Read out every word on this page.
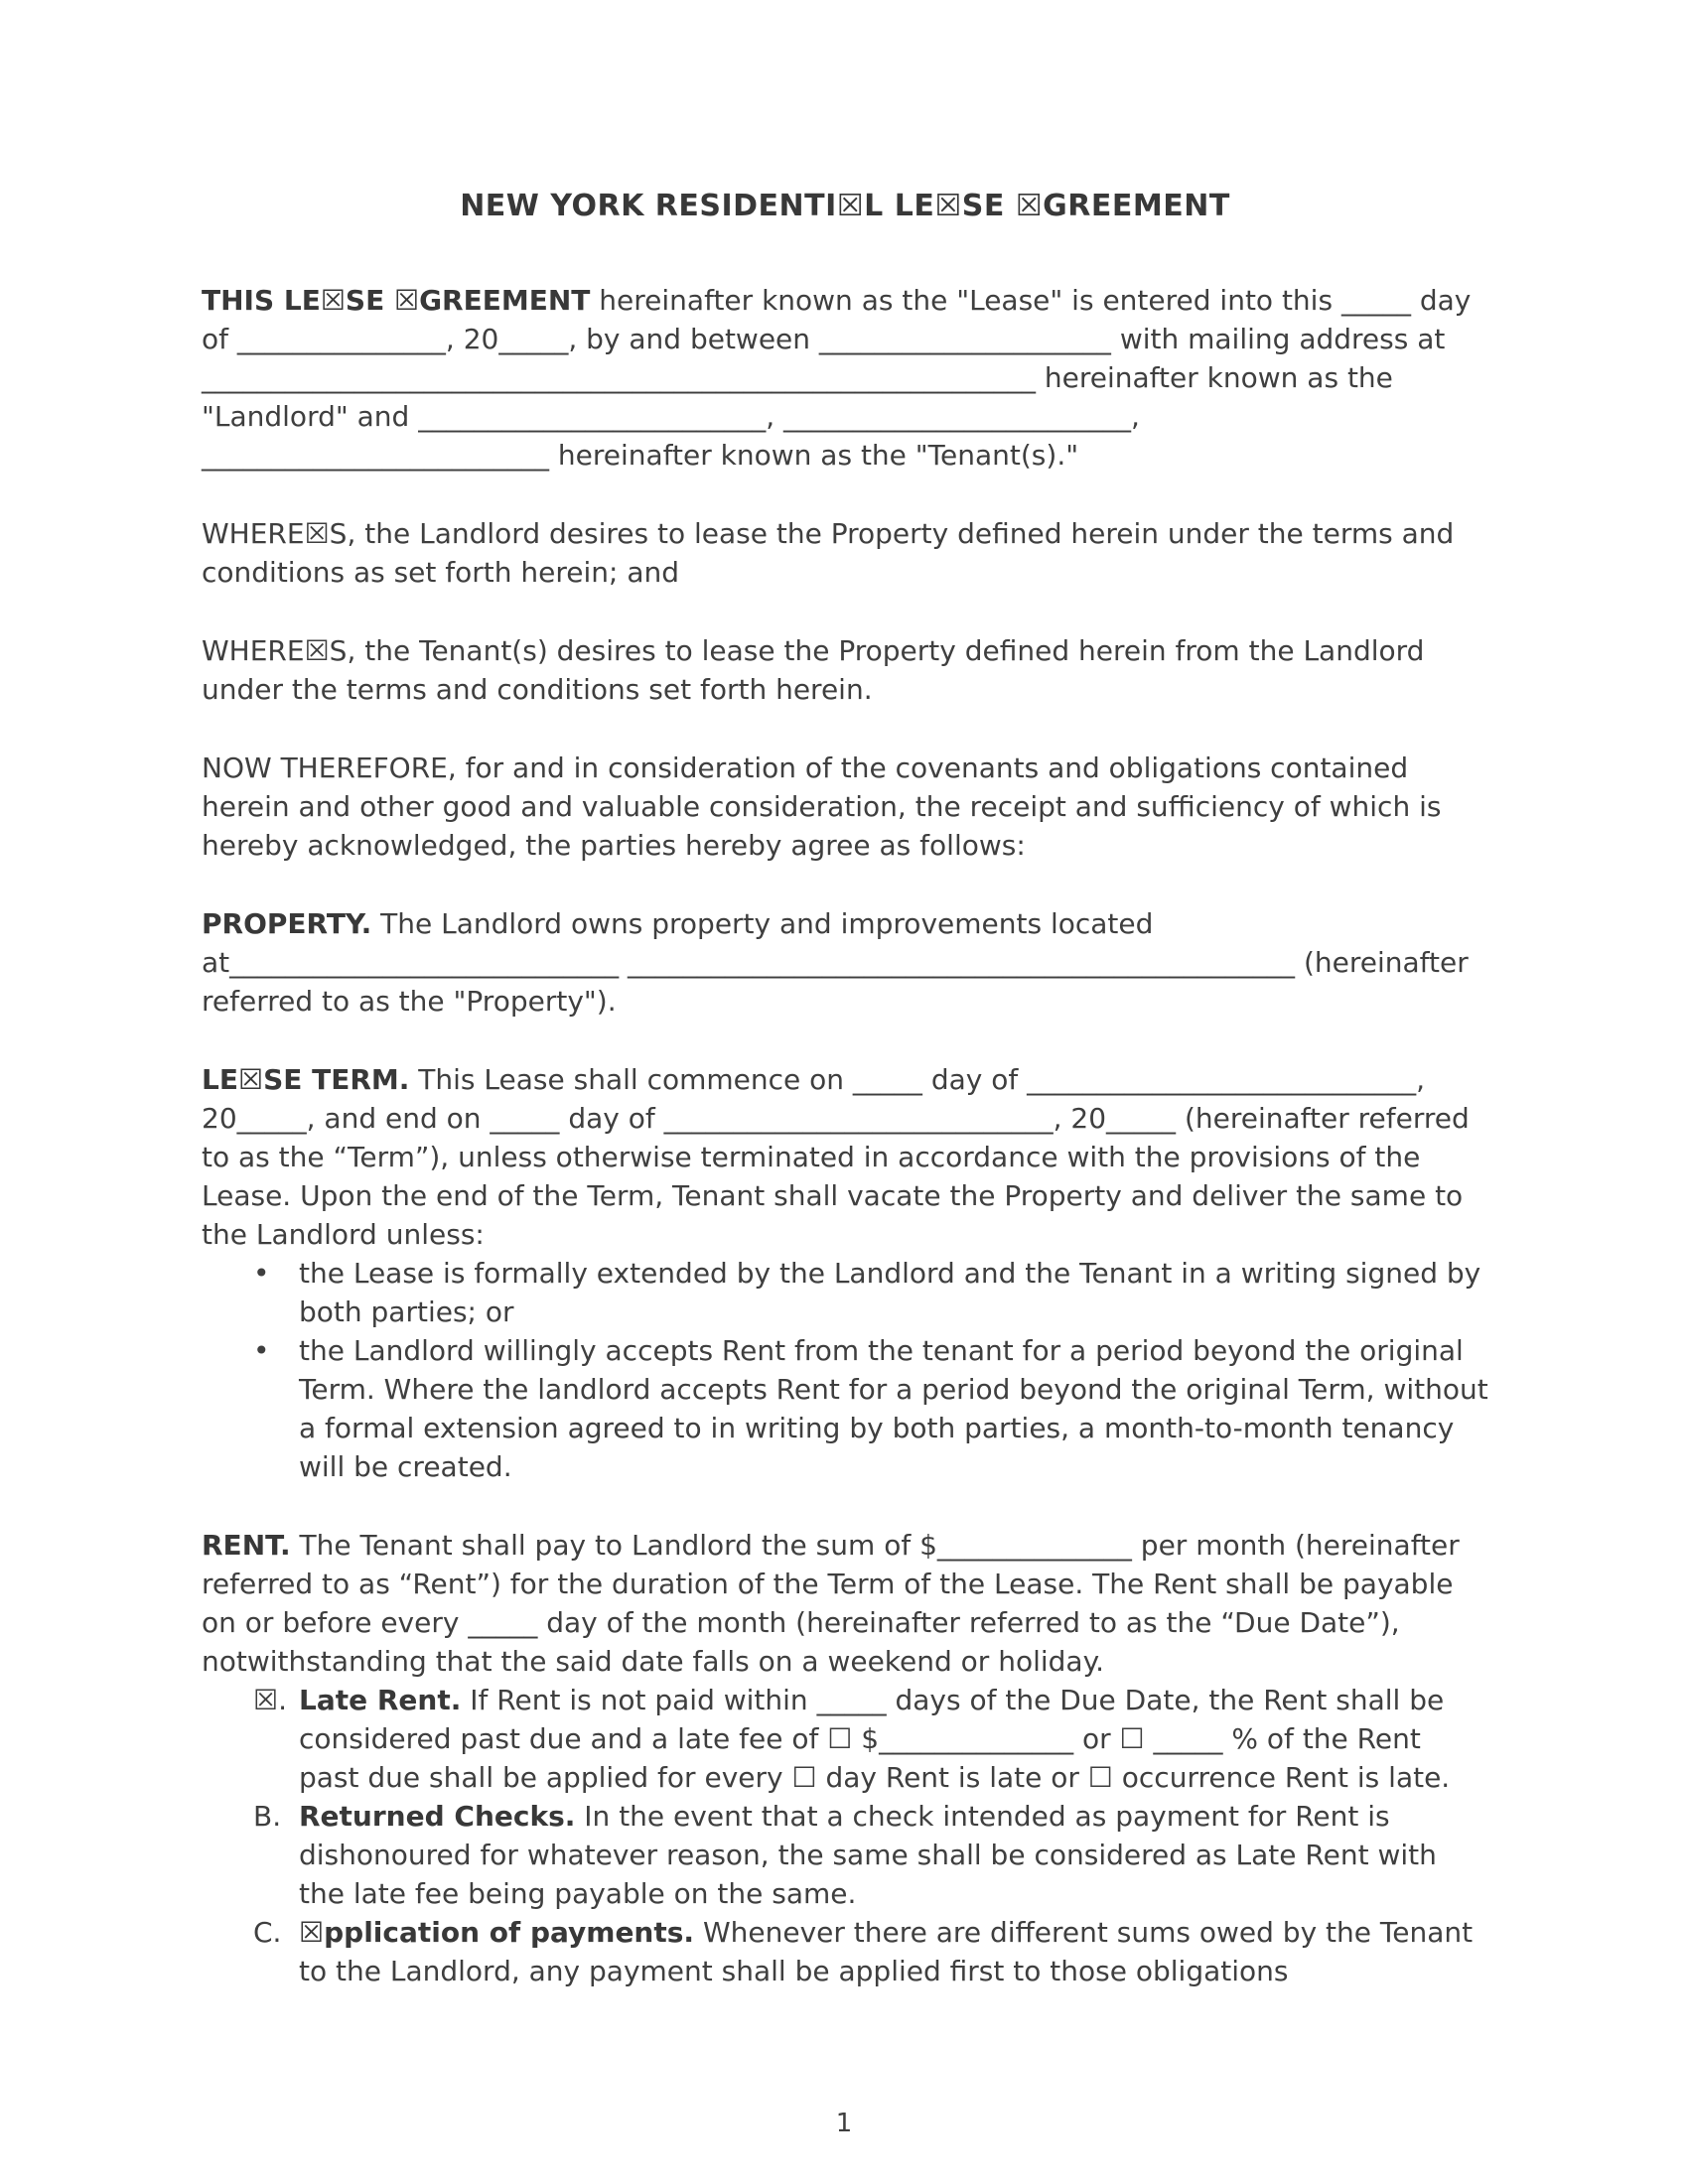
NEW YORK RESIDENTI☒L LE☒SE ☒GREEMENT

THIS LE☒SE ☒GREEMENT hereinafter known as the "Lease" is entered into this _____ day of _______________, 20_____, by and between _____________________ with mailing address at ____________________________________________________________ hereinafter known as the "Landlord" and _________________________, _________________________, _________________________ hereinafter known as the "Tenant(s)."

WHERE☒S, the Landlord desires to lease the Property defined herein under the terms and conditions as set forth herein; and

WHERE☒S, the Tenant(s) desires to lease the Property defined herein from the Landlord under the terms and conditions set forth herein.

NOW THEREFORE, for and in consideration of the covenants and obligations contained herein and other good and valuable consideration, the receipt and sufficiency of which is hereby acknowledged, the parties hereby agree as follows:

PROPERTY. The Landlord owns property and improvements located at____________________________ ________________________________________________ (hereinafter referred to as the "Property").

LE☒SE TERM. This Lease shall commence on _____ day of ____________________________, 20_____, and end on _____ day of ____________________________, 20_____ (hereinafter referred to as the “Term”), unless otherwise terminated in accordance with the provisions of the Lease. Upon the end of the Term, Tenant shall vacate the Property and deliver the same to the Landlord unless:

•	the Lease is formally extended by the Landlord and the Tenant in a writing signed by both parties; or
•	the Landlord willingly accepts Rent from the tenant for a period beyond the original Term. Where the landlord accepts Rent for a period beyond the original Term, without a formal extension agreed to in writing by both parties, a month-to-month tenancy will be created.

RENT. The Tenant shall pay to Landlord the sum of $______________ per month (hereinafter referred to as “Rent”) for the duration of the Term of the Lease. The Rent shall be payable on or before every _____ day of the month (hereinafter referred to as the “Due Date”), notwithstanding that the said date falls on a weekend or holiday.

☒. Late Rent. If Rent is not paid within _____ days of the Due Date, the Rent shall be considered past due and a late fee of ☐ $______________ or ☐ _____ % of the Rent past due shall be applied for every ☐ day Rent is late or ☐ occurrence Rent is late.
B. Returned Checks. In the event that a check intended as payment for Rent is dishonoured for whatever reason, the same shall be considered as Late Rent with the late fee being payable on the same.
C. ☒pplication of payments. Whenever there are different sums owed by the Tenant to the Landlord, any payment shall be applied first to those obligations
1
